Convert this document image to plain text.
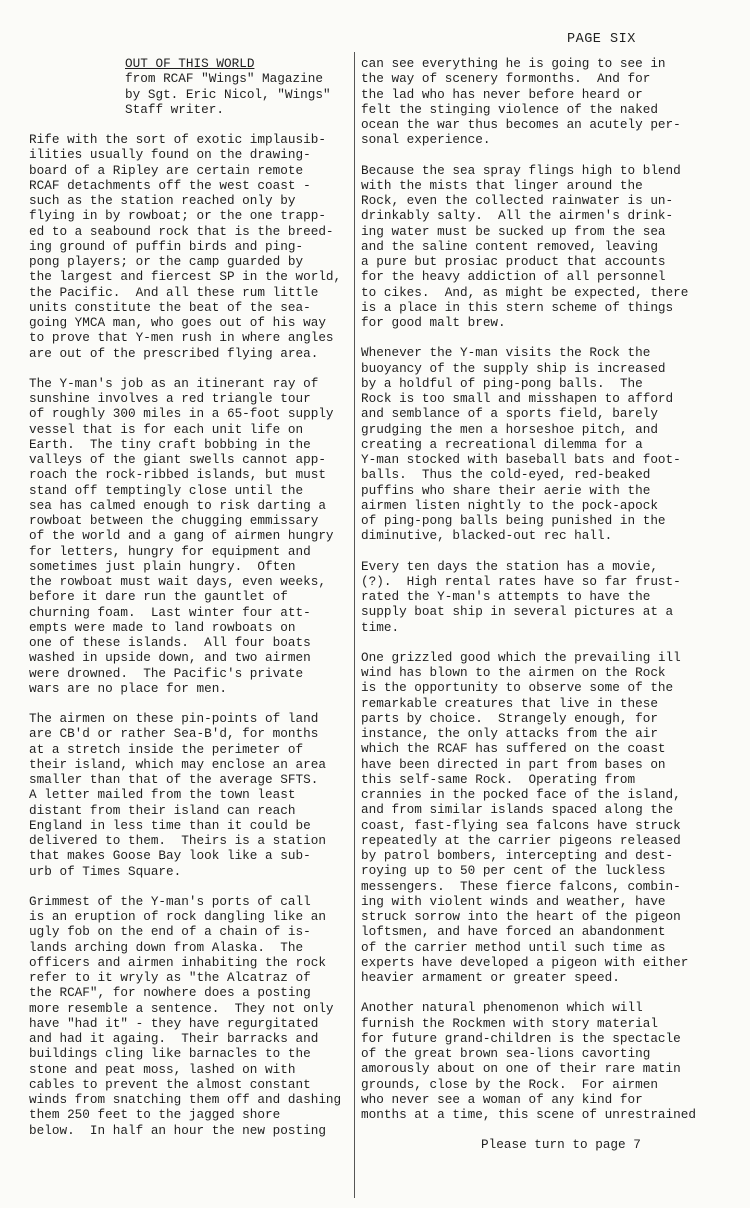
PAGE SIX
OUT OF THIS WORLD
from RCAF "Wings" Magazine
by Sgt. Eric Nicol, "Wings"
Staff writer.
Rife with the sort of exotic implausib-
ilities usually found on the drawing-
board of a Ripley are certain remote
RCAF detachments off the west coast -
such as the station reached only by
flying in by rowboat; or the one trapp-
ed to a seabound rock that is the breed-
ing ground of puffin birds and ping-
pong players; or the camp guarded by
the largest and fiercest SP in the world,
the Pacific.  And all these rum little
units constitute the beat of the sea-
going YMCA man, who goes out of his way
to prove that Y-men rush in where angles
are out of the prescribed flying area.
The Y-man's job as an itinerant ray of
sunshine involves a red triangle tour
of roughly 300 miles in a 65-foot supply
vessel that is for each unit life on
Earth.  The tiny craft bobbing in the
valleys of the giant swells cannot app-
roach the rock-ribbed islands, but must
stand off temptingly close until the
sea has calmed enough to risk darting a
rowboat between the chugging emmissary
of the world and a gang of airmen hungry
for letters, hungry for equipment and
sometimes just plain hungry.  Often
the rowboat must wait days, even weeks,
before it dare run the gauntlet of
churning foam.  Last winter four att-
empts were made to land rowboats on
one of these islands.  All four boats
washed in upside down, and two airmen
were drowned.  The Pacific's private
wars are no place for men.
The airmen on these pin-points of land
are CB'd or rather Sea-B'd, for months
at a stretch inside the perimeter of
their island, which may enclose an area
smaller than that of the average SFTS.
A letter mailed from the town least
distant from their island can reach
England in less time than it could be
delivered to them.  Theirs is a station
that makes Goose Bay look like a sub-
urb of Times Square.
Grimmest of the Y-man's ports of call
is an eruption of rock dangling like an
ugly fob on the end of a chain of is-
lands arching down from Alaska.  The
officers and airmen inhabiting the rock
refer to it wryly as "the Alcatraz of
the RCAF", for nowhere does a posting
more resemble a sentence.  They not only
have "had it" - they have regurgitated
and had it againg.  Their barracks and
buildings cling like barnacles to the
stone and peat moss, lashed on with
cables to prevent the almost constant
winds from snatching them off and dashing
them 250 feet to the jagged shore
below.  In half an hour the new posting
can see everything he is going to see in
the way of scenery formonths.  And for
the lad who has never before heard or
felt the stinging violence of the naked
ocean the war thus becomes an acutely per-
sonal experience.
Because the sea spray flings high to blend
with the mists that linger around the
Rock, even the collected rainwater is un-
drinkably salty.  All the airmen's drink-
ing water must be sucked up from the sea
and the saline content removed, leaving
a pure but prosiac product that accounts
for the heavy addiction of all personnel
to cikes.  And, as might be expected, there
is a place in this stern scheme of things
for good malt brew.
Whenever the Y-man visits the Rock the
buoyancy of the supply ship is increased
by a holdful of ping-pong balls.  The
Rock is too small and misshapen to afford
and semblance of a sports field, barely
grudging the men a horseshoe pitch, and
creating a recreational dilemma for a
Y-man stocked with baseball bats and foot-
balls.  Thus the cold-eyed, red-beaked
puffins who share their aerie with the
airmen listen nightly to the pock-apock
of ping-pong balls being punished in the
diminutive, blacked-out rec hall.
Every ten days the station has a movie,
(?).  High rental rates have so far frust-
rated the Y-man's attempts to have the
supply boat ship in several pictures at a
time.
One grizzled good which the prevailing ill
wind has blown to the airmen on the Rock
is the opportunity to observe some of the
remarkable creatures that live in these
parts by choice.  Strangely enough, for
instance, the only attacks from the air
which the RCAF has suffered on the coast
have been directed in part from bases on
this self-same Rock.  Operating from
crannies in the pocked face of the island,
and from similar islands spaced along the
coast, fast-flying sea falcons have struck
repeatedly at the carrier pigeons released
by patrol bombers, intercepting and dest-
roying up to 50 per cent of the luckless
messengers.  These fierce falcons, combin-
ing with violent winds and weather, have
struck sorrow into the heart of the pigeon
loftsmen, and have forced an abandonment
of the carrier method until such time as
experts have developed a pigeon with either
heavier armament or greater speed.
Another natural phenomenon which will
furnish the Rockmen with story material
for future grand-children is the spectacle
of the great brown sea-lions cavorting
amorously about on one of their rare matin
grounds, close by the Rock.  For airmen
who never see a woman of any kind for
months at a time, this scene of unrestrained
Please turn to page 7
